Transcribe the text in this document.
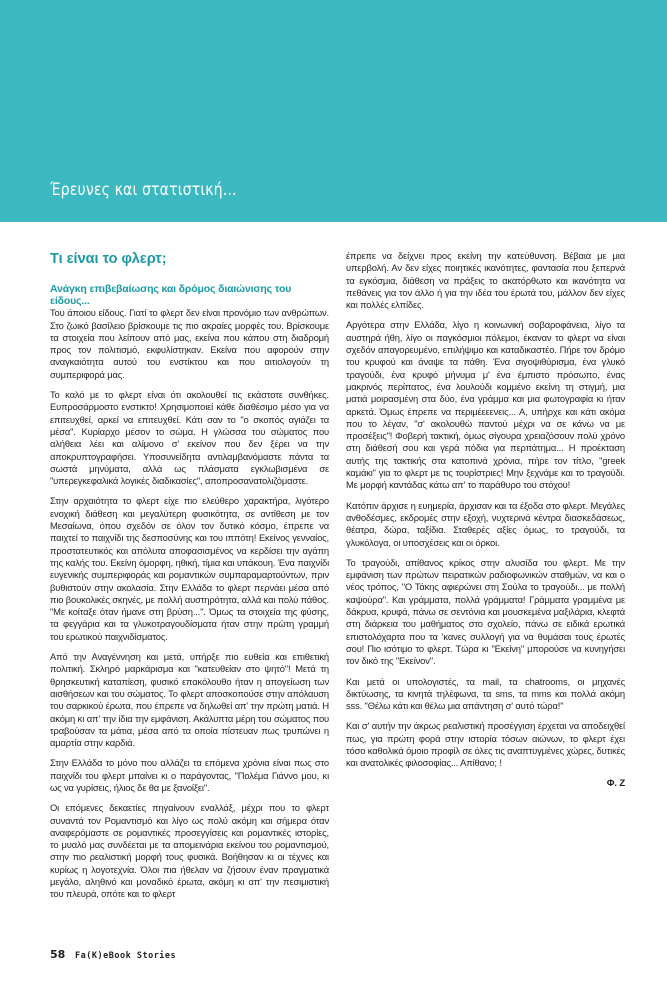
Έρευνες και στατιστική...
Τι είναι το φλερτ;
Ανάγκη επιβεβαίωσης και δρόμος διαιώνισης του είδους...

Του άποιου είδους. Γιατί το φλερτ δεν είναι προνόμιο των ανθρώπων. Στο ζωικό βασίλειο βρίσκουμε τις πιο ακραίες μορφές του. Βρίσκουμε τα στοιχεία που λείπουν από μας, εκείνα που κάπου στη διαδρομή προς τον πολιτισμό, εκφυλίστηκαν. Εκείνα που αφορούν στην αναγκαιότητα αυτού του ενστίκτου και που αιτιολογούν τη συμπεριφορά μας.

Το καλό με το φλερτ είναι ότι ακολουθεί τις εκάστοτε συνθήκες. Ευπροσάρμοστο ενστικτο! Χρησιμοποιεί κάθε διαθέσιμο μέσο για να επιτευχθεί, αρκεί να επιτευχθεί. Κάτι σαν το "ο σκοπός αγιάζει τα μέσα". Κυρίαρχο μέσον το σώμα. Η γλώσσα του σώματος που αλήθεια λέει και αλίμονο σ' εκείνον που δεν ξέρει να την αποκρυπτογραφήσει. Υποσυνείδητα αντιλαμβανόμαστε πάντα τα σωστά μηνύματα, αλλά ως πλάσματα εγκλωβισμένα σε "υπερεγκεφαλικά λογικές διαδικασίες", αποπροσανατολιζόμαστε.

Στην αρχαιότητα το φλερτ είχε πιο ελεύθερο χαρακτήρα, λιγότερο ενοχική διάθεση και μεγαλύτερη φυσικότητα, σε αντίθεση με τον Μεσαίωνα, όπου σχεδόν σε όλον τον δυτικό κόσμο, έπρεπε να παιχτεί το παιχνίδι της δεσποσύνης και του ιππότη! Εκείνος γενναίος, προστατευτικός και απόλυτα αποφασισμένος να κερδίσει την αγάπη της καλής του. Εκείνη όμορφη, ηθική, τίμια και υπάκουη. Ένα παιχνίδι ευγενικής συμπεριφοράς και ρομαντικών συμπαραμαρτούντων, πριν βυθιστούν στην ακολασία. Στην Ελλάδα το φλερτ περνάει μέσα από πιο βουκολικές σκηνές, με πολλή αυστηρότητα, αλλά και πολύ πάθος. "Με κοίταξε όταν ήμανε στη βρύση...". Όμως τα στοιχεία της φύσης, τα φεγγάρια και τα γλυκοτραγουδίσματα ήταν στην πρώτη γραμμή του ερωτικού παιχνιδίσματος.

Από την Αναγέννηση και μετά, υπήρξε πιο ευθεία και επιθετική πολιτική. Σκληρό μαρκάρισμα και "κατευθείαν στο ψητό"! Μετά τη θρησκευτική καταπίεση, φυσικό επακόλουθο ήταν η απογείωση των αισθήσεων και του σώματος. Το φλερτ αποσκοπούσε στην απόλαυση του σαρκικού έρωτα, που έπρεπε να δηλωθεί απ' την πρώτη ματιά. Η ακόμη κι απ' την ίδια την εμφάνιση. Ακάλυπτα μέρη του σώματος που τραβούσαν τα μάτια, μέσα από τα οποία πίστευαν πως τρυπώνει η αμαρτία στην καρδιά.

Στην Ελλάδα το μόνο που αλλάζει τα επόμενα χρόνια είναι πως στο παιχνίδι του φλερτ μπαίνει κι ο παράγοντας, "Πολέμα Γιάννο μου, κι ως να γυρίσεις, ήλιος δε θα με ξανοίξει".

Οι επόμενες δεκαετίες πηγαίνουν εναλλάξ, μέχρι που το φλερτ συναντά τον Ρομαντισμό και λίγο ως πολύ ακόμη και σήμερα όταν αναφερόμαστε σε ρομαντικές προσεγγίσεις και ρομαντικές ιστορίες, το μυαλό μας συνδέεται με τα απομεινάρια εκείνου του ρομαντισμού, στην πιο ρεαλιστική μορφή τους φυσικά. Βοήθησαν κι οι τέχνες και κυρίως η λογοτεχνία. Όλοι πια ήθελαν να ζήσουν έναν πραγματικά μεγάλο, αληθινό και μοναδικό έρωτα, ακόμη κι απ' την πεσιμιστική του πλευρά, οπότε και το φλερτ

έπρεπε να δείχνει προς εκείνη την κατεύθυνση. Βέβαια με μια υπερβολή. Αν δεν είχες ποιητικές ικανότητες, φαντασία που ξεπερνά τα εγκόσμια, διάθεση να πράξεις το ακατόρθωτο και ικανότητα να πεθάνεις για τον άλλο ή για την ιδέα του έρωτά του, μάλλον δεν είχες και πολλές ελπίδες.

Αργότερα στην Ελλάδα, λίγο η κοινωνική σοβαροφάνεια, λίγο τα αυστηρά ήθη, λίγο οι παγκόσμιοι πόλεμοι, έκαναν το φλερτ να είναι σχεδόν απαγορευμένο, επιλήψιμο και καταδικαστέο. Πήρε τον δρόμο του κρυφού και άναψε τα πάθη. Ένα σιγοψιθύρισμα, ένα γλυκό τραγούδι, ένα κρυφό μήνυμα μ' ένα έμπιστο πρόσωπο, ένας μακρινός περίπατος, ένα λουλούδι κομμένο εκείνη τη στιγμή, μια ματιά μοιρασμένη στα δύο, ένα γράμμα και μια φωτογραφία κι ήταν αρκετά. Όμως έπρεπε να περιμέεεενεις... Α, υπήρχε και κάτι ακόμα που το λέγαν, "σ' ακολουθώ παντού μέχρι να σε κάνω να με προσέξεις"! Φοβερή τακτική, όμως σίγουρα χρειαζόσουν πολύ χρόνο στη διάθεσή σου και γερά πόδια για περπάτημα... Η προέκταση αυτής της τακτικής στα κατοπινά χρόνια, πήρε τον τίτλο, "greek καμάκι" για το φλερτ με τις τουρίστριες! Μην ξεχνάμε και το τραγούδι. Με μορφή καντάδας κάτω απ' το παράθυρο του στόχου!

Κατόπιν άρχισε η ευημερία, άρχισαν και τα έξοδα στο φλερτ. Μεγάλες ανθοδέσμες, εκδρομές στην εξοχή, νυχτερινά κέντρα διασκεδάσεως, θέατρα, δώρα, ταξίδια. Σταθερές αξίες όμως, το τραγούδι, τα γλυκόλογα, οι υποσχέσεις και οι όρκοι.

Το τραγούδι, απίθανος κρίκος στην αλυσίδα του φλερτ. Με την εμφάνιση των πρώτων πειρατικών ραδιοφωνικών σταθμών, να και ο νέος τρόπος, "Ο Τάκης αφιερώνει στη Σούλα το τραγούδι... με πολλή καψούρα". Και γράμματα, πολλά γράμματα! Γράμματα γραμμένα με δάκρυα, κρυφά, πάνω σε σεντόνια και μουσκεμένα μαξιλάρια, κλεφτά στη διάρκεια του μαθήματος στο σχολείο, πάνω σε ειδικά ερωτικά επιστολόχαρτα που τα 'κανες συλλογή για να θυμάσαι τους έρωτές σου! Πιο ισότιμο το φλερτ. Τώρα κι "Εκείνη" μπορούσε να κυνηγήσει τον δικό της "Εκείνον".

Και μετά οι υπολογιστές, τα mail, τα chatrooms, οι μηχανές δικτύωσης, τα κινητά τηλέφωνα, τα sms, τα mms και πολλά ακόμη sss. "Θέλω κάτι και θέλω μια απάντηση σ' αυτό τώρα!"

Και σ' αυτήν την άκρως ρεαλιστική προσέγγιση έρχεται να αποδειχθεί πως, για πρώτη φορά στην ιστορία τόσων αιώνων, το φλερτ έχει τόσο καθολικά όμοιο προφίλ σε όλες τις αναπτυγμένες χώρες, δυτικές και ανατολικές φιλοσοφίας... Απίθανο; !

Φ. Ζ
58 Fa(K)eBook Stories
